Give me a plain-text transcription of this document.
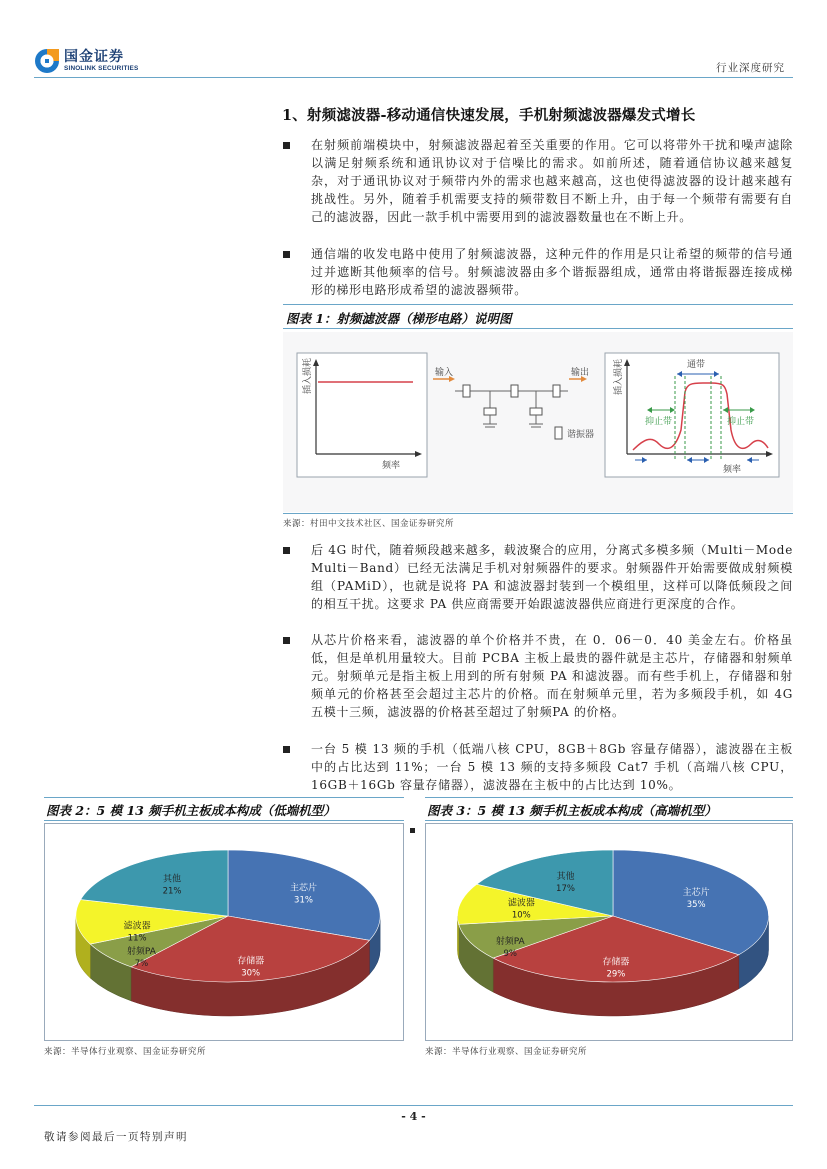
国金证券
SINOLINK SECURITIES	行业深度研究
1、射频滤波器-移动通信快速发展，手机射频滤波器爆发式增长
在射频前端模块中，射频滤波器起着至关重要的作用。它可以将带外干扰和噪声滤除以满足射频系统和通讯协议对于信噪比的需求。如前所述，随着通信协议越来越复杂，对于通讯协议对于频带内外的需求也越来越高，这也使得滤波器的设计越来越有挑战性。另外，随着手机需要支持的频带数目不断上升，由于每一个频带有需要有自己的滤波器，因此一款手机中需要用到的滤波器数量也在不断上升。
通信端的收发电路中使用了射频滤波器，这种元件的作用是只让希望的频带的信号通过并遮断其他频率的信号。射频滤波器由多个谐振器组成，通常由将谐振器连接成梯形的梯形电路形成希望的滤波器频带。
图表 1：射频滤波器（梯形电路）说明图
插入损耗
频率
输入	输出
谐振器
通带
抑止带	抑止带
插入损耗
频率
来源：村田中文技术社区、国金证券研究所
后 4G 时代，随着频段越来越多，载波聚合的应用，分离式多模多频（Multi－Mode Multi－Band）已经无法满足手机对射频器件的要求。射频器件开始需要做成射频模组（PAMiD），也就是说将 PA 和滤波器封装到一个模组里，这样可以降低频段之间的相互干扰。这要求 PA 供应商需要开始跟滤波器供应商进行更深度的合作。
从芯片价格来看，滤波器的单个价格并不贵，在 0．06－0．40 美金左右。价格虽低，但是单机用量较大。目前 PCBA 主板上最贵的器件就是主芯片，存储器和射频单元。射频单元是指主板上用到的所有射频 PA 和滤波器。而有些手机上，存储器和射频单元的价格甚至会超过主芯片的价格。而在射频单元里，若为多频段手机，如 4G 五模十三频，滤波器的价格甚至超过了射频PA 的价格。
一台 5 模 13 频的手机（低端八核 CPU，8GB＋8Gb 容量存储器），滤波器在主板中的占比达到 11%；一台 5 模 13 频的支持多频段 Cat7 手机（高端八核 CPU，16GB＋16Gb 容量存储器），滤波器在主板中的占比达到 10%。
图表 2：5 模 13 频手机主板成本构成（低端机型）	图表 3：5 模 13 频手机主板成本构成（高端机型）
主芯片
31%
存储器
30%
射频PA
7%
滤波器
11%
其他
21%	主芯片
35%
存储器
29%
射频PA
9%
滤波器
10%
其他
17%
来源：半导体行业观察、国金证券研究所	来源：半导体行业观察、国金证券研究所
- 4 -
敬请参阅最后一页特别声明
